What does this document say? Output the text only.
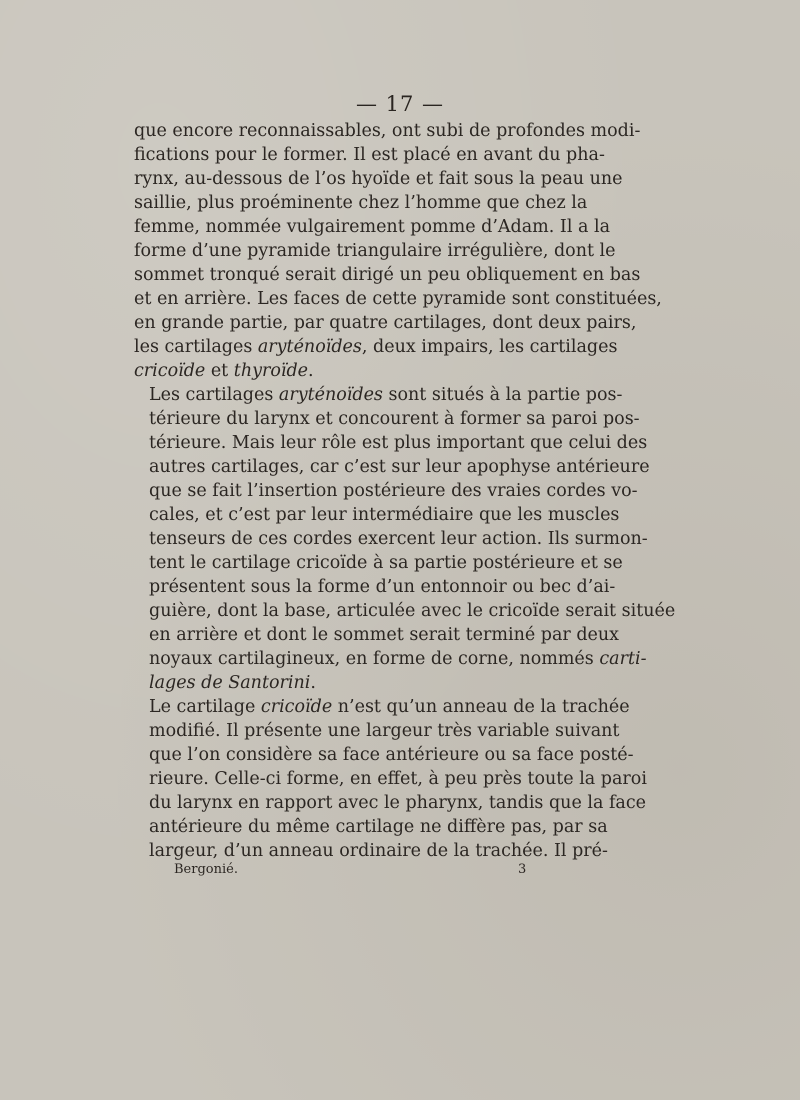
— 17 —

que encore reconnaissables, ont subi de profondes modi-
fications pour le former. Il est placé en avant du pha-
rynx, au-dessous de l’os hyoïde et fait sous la peau une
saillie, plus proéminente chez l’homme que chez la
femme, nommée vulgairement pomme d’Adam. Il a la
forme d’une pyramide triangulaire irrégulière, dont le
sommet tronqué serait dirigé un peu obliquement en bas
et en arrière. Les faces de cette pyramide sont constituées,
en grande partie, par quatre cartilages, dont deux pairs,
les cartilages aryténoïdes, deux impairs, les cartilages
cricoïde et thyroïde.

Les cartilages aryténoïdes sont situés à la partie pos-
térieure du larynx et concourent à former sa paroi pos-
térieure. Mais leur rôle est plus important que celui des
autres cartilages, car c’est sur leur apophyse antérieure
que se fait l’insertion postérieure des vraies cordes vo-
cales, et c’est par leur intermédiaire que les muscles
tenseurs de ces cordes exercent leur action. Ils surmon-
tent le cartilage cricoïde à sa partie postérieure et se
présentent sous la forme d’un entonnoir ou bec d’ai-
guière, dont la base, articulée avec le cricoïde serait située
en arrière et dont le sommet serait terminé par deux
noyaux cartilagineux, en forme de corne, nommés carti-
lages de Santorini.

Le cartilage cricoïde n’est qu’un anneau de la trachée
modifié. Il présente une largeur très variable suivant
que l’on considère sa face antérieure ou sa face posté-
rieure. Celle-ci forme, en effet, à peu près toute la paroi
du larynx en rapport avec le pharynx, tandis que la face
antérieure du même cartilage ne diffère pas, par sa
largeur, d’un anneau ordinaire de la trachée. Il pré-

Bergonié.	3
